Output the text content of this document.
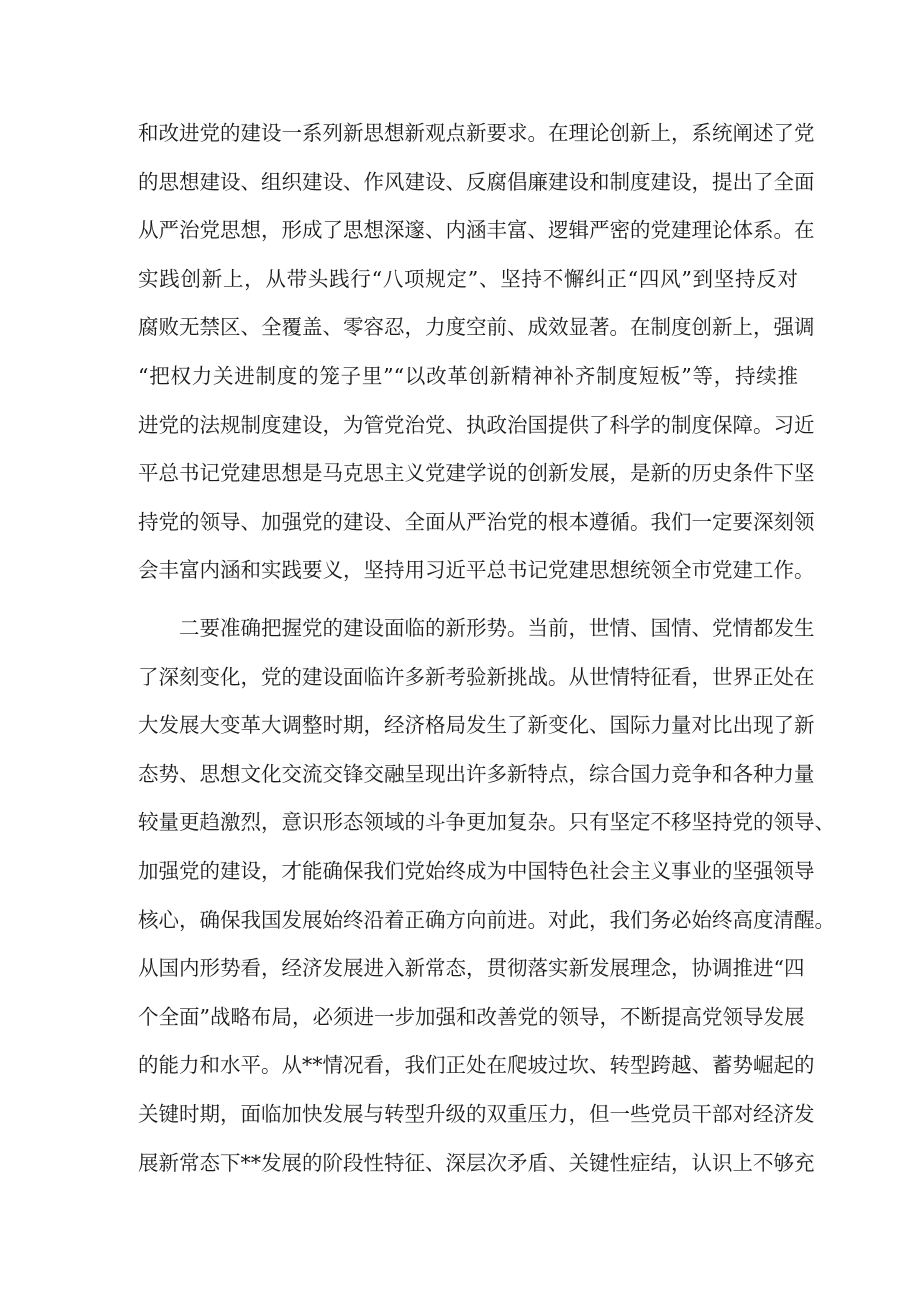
和改进党的建设一系列新思想新观点新要求。在理论创新上，系统阐述了党
的思想建设、组织建设、作风建设、反腐倡廉建设和制度建设，提出了全面
从严治党思想，形成了思想深邃、内涵丰富、逻辑严密的党建理论体系。在
实践创新上，从带头践行“八项规定”、坚持不懈纠正“四风”到坚持反对
腐败无禁区、全覆盖、零容忍，力度空前、成效显著。在制度创新上，强调
“把权力关进制度的笼子里”“以改革创新精神补齐制度短板”等，持续推
进党的法规制度建设，为管党治党、执政治国提供了科学的制度保障。习近
平总书记党建思想是马克思主义党建学说的创新发展，是新的历史条件下坚
持党的领导、加强党的建设、全面从严治党的根本遵循。我们一定要深刻领
会丰富内涵和实践要义，坚持用习近平总书记党建思想统领全市党建工作。
二要准确把握党的建设面临的新形势。当前，世情、国情、党情都发生
了深刻变化，党的建设面临许多新考验新挑战。从世情特征看，世界正处在
大发展大变革大调整时期，经济格局发生了新变化、国际力量对比出现了新
态势、思想文化交流交锋交融呈现出许多新特点，综合国力竞争和各种力量
较量更趋激烈，意识形态领域的斗争更加复杂。只有坚定不移坚持党的领导、
加强党的建设，才能确保我们党始终成为中国特色社会主义事业的坚强领导
核心，确保我国发展始终沿着正确方向前进。对此，我们务必始终高度清醒。
从国内形势看，经济发展进入新常态，贯彻落实新发展理念，协调推进“四
个全面”战略布局，必须进一步加强和改善党的领导，不断提高党领导发展
的能力和水平。从**情况看，我们正处在爬坡过坎、转型跨越、蓄势崛起的
关键时期，面临加快发展与转型升级的双重压力，但一些党员干部对经济发
展新常态下**发展的阶段性特征、深层次矛盾、关键性症结，认识上不够充
